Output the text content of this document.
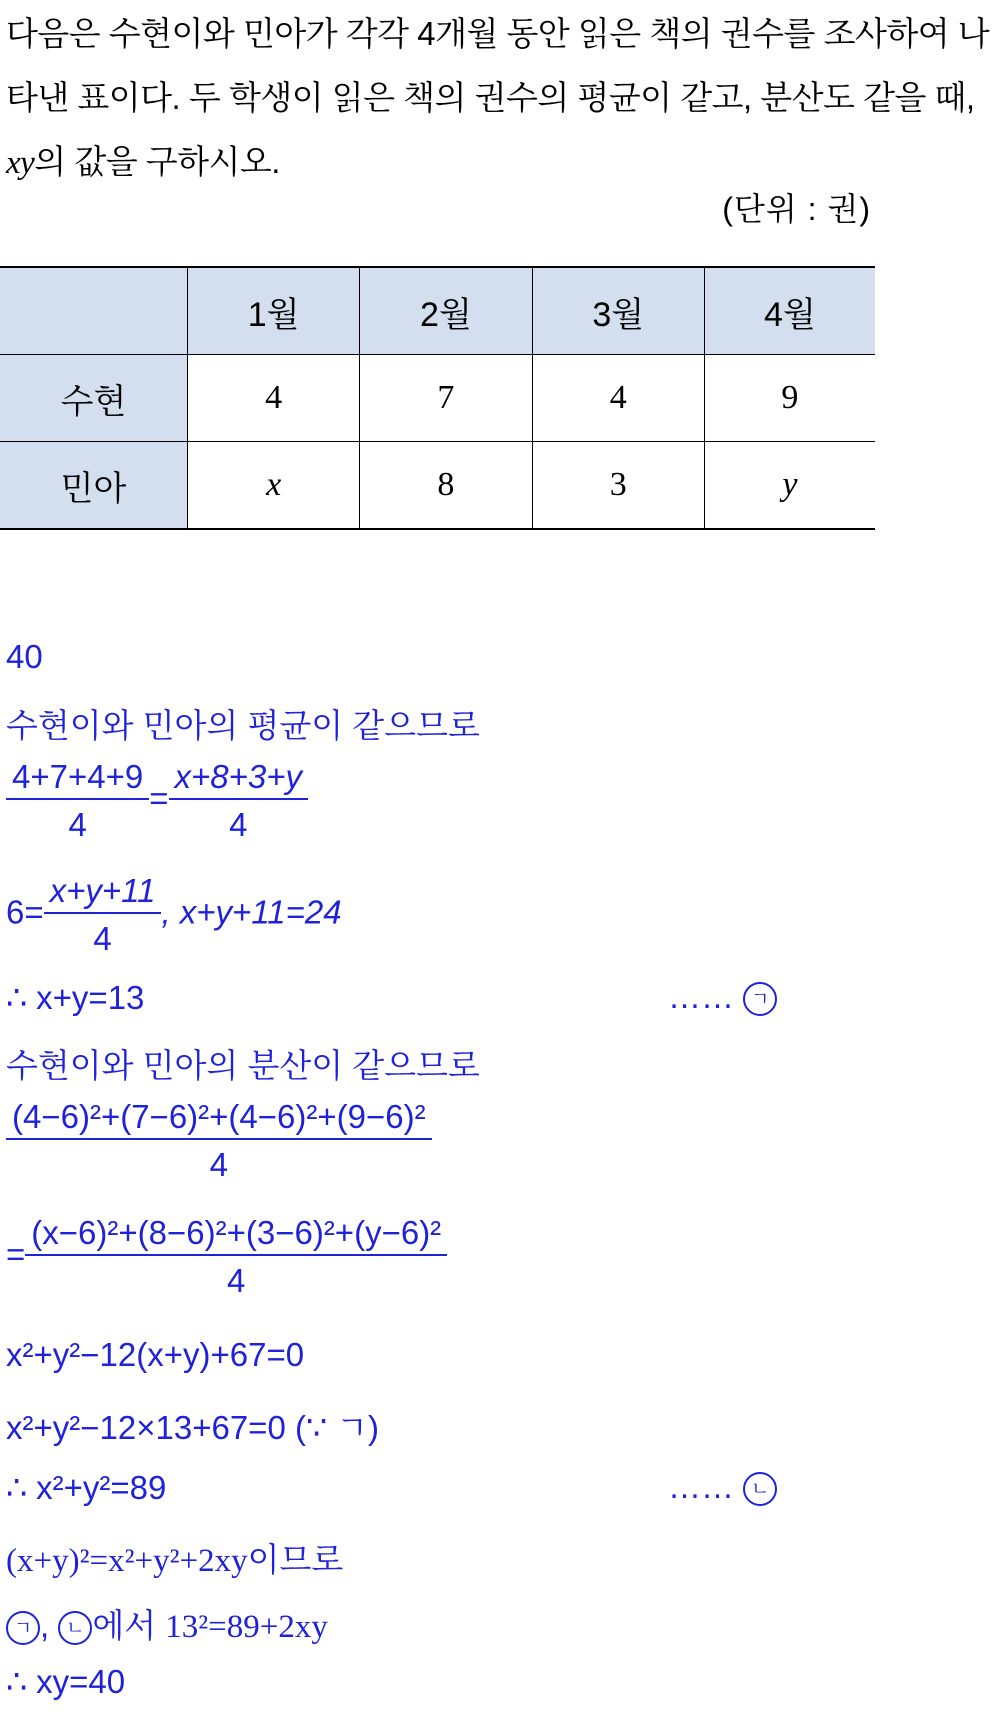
다음은 수현이와 민아가 각각 4개월 동안 읽은 책의 권수를 조사하여 나타낸 표이다. 두 학생이 읽은 책의 권수의 평균이 같고, 분산도 같을 때, xy의 값을 구하시오.
(단위 : 권)
	1월	2월	3월	4월
수현	4	7	4	9
민아	x	8	3	y
40
수현이와 민아의 평균이 같으므로
$\frac{4+7+4+9}{4} = \frac{x+8+3+y}{4}$
$6= \frac{x+y+11}{4}$ , x+y+11=24
∴ x+y=13	…… ㄱ
수현이와 민아의 분산이 같으므로
$\frac{\text{(4−6)²+(7−6)²+(4−6)²+(9−6)²}}{4}$
= $\frac{\text{(x−6)²+(8−6)²+(3−6)²+(y−6)²}}{4}$
x²+y²−12(x+y)+67=0
x²+y²−12×13+67=0 (∵ ㄱ)
∴ x²+y²=89	…… ㄴ
(x+y)²=x²+y²+2xy이므로
ㄱ , ㄴ 에서 13²=89+2xy
∴ xy=40
